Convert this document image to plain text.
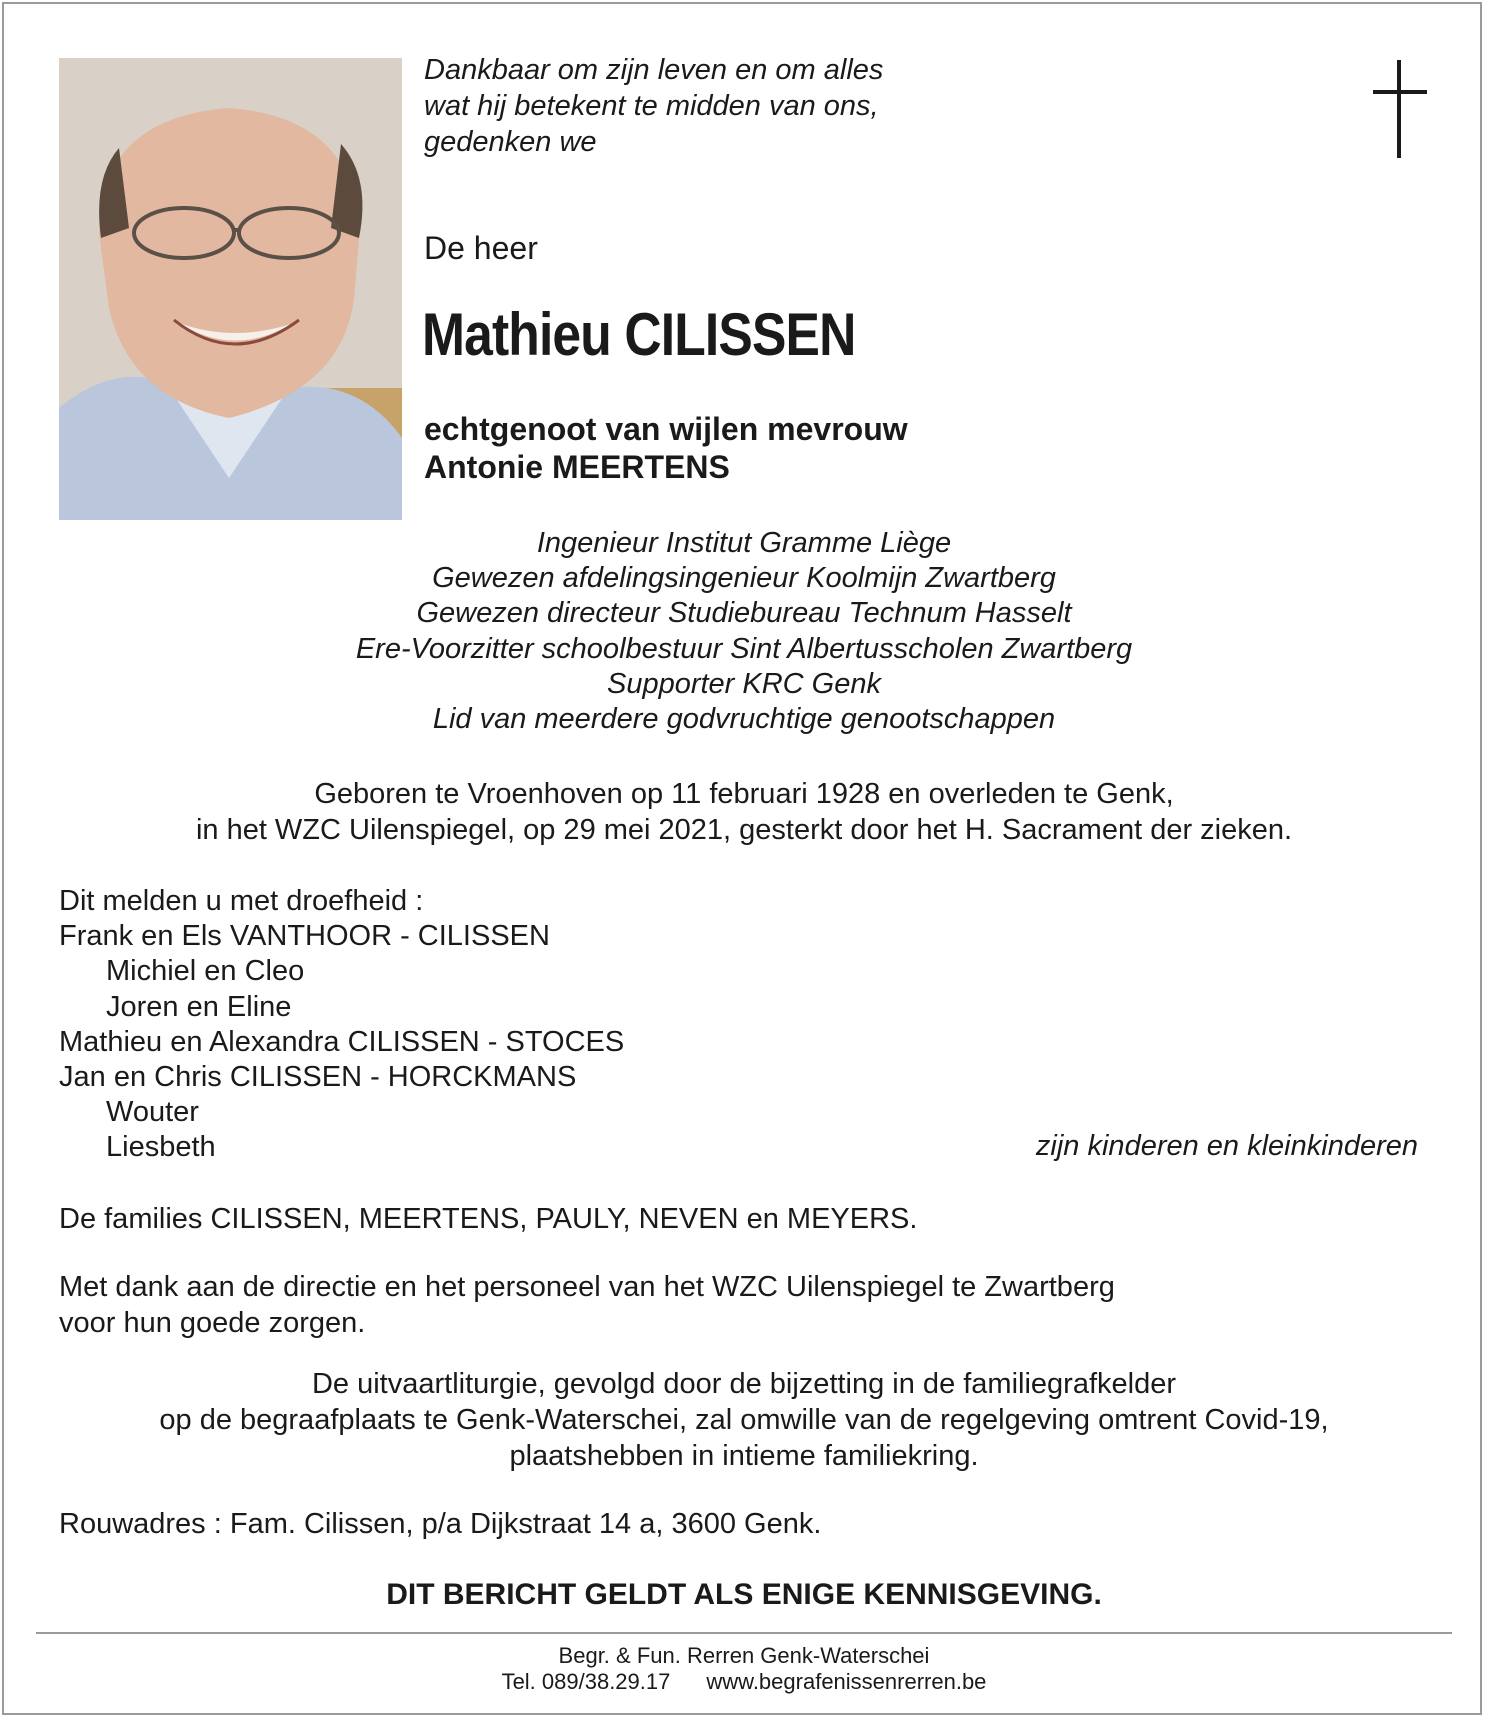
Dankbaar om zijn leven en om alles
wat hij betekent te midden van ons,
gedenken we
De heer
Mathieu CILISSEN
echtgenoot van wijlen mevrouw
Antonie MEERTENS
Ingenieur Institut Gramme Liège
Gewezen afdelingsingenieur Koolmijn Zwartberg
Gewezen directeur Studiebureau Technum Hasselt
Ere-Voorzitter schoolbestuur Sint Albertusscholen Zwartberg
Supporter KRC Genk
Lid van meerdere godvruchtige genootschappen
Geboren te Vroenhoven op 11 februari 1928 en overleden te Genk,
in het WZC Uilenspiegel, op 29 mei 2021, gesterkt door het H. Sacrament der zieken.
Dit melden u met droefheid :
Frank en Els VANTHOOR - CILISSEN
Michiel en Cleo
Joren en Eline
Mathieu en Alexandra CILISSEN - STOCES
Jan en Chris CILISSEN - HORCKMANS
Wouter
Liesbeth	zijn kinderen en kleinkinderen
De families CILISSEN, MEERTENS, PAULY, NEVEN en MEYERS.
Met dank aan de directie en het personeel van het WZC Uilenspiegel te Zwartberg
voor hun goede zorgen.
De uitvaartliturgie, gevolgd door de bijzetting in de familiegrafkelder
op de begraafplaats te Genk-Waterschei, zal omwille van de regelgeving omtrent Covid-19,
plaatshebben in intieme familiekring.
Rouwadres : Fam. Cilissen, p/a Dijkstraat 14 a, 3600 Genk.
DIT BERICHT GELDT ALS ENIGE KENNISGEVING.
Begr. & Fun. Rerren Genk-Waterschei
Tel. 089/38.29.17 www.begrafenissenrerren.be
